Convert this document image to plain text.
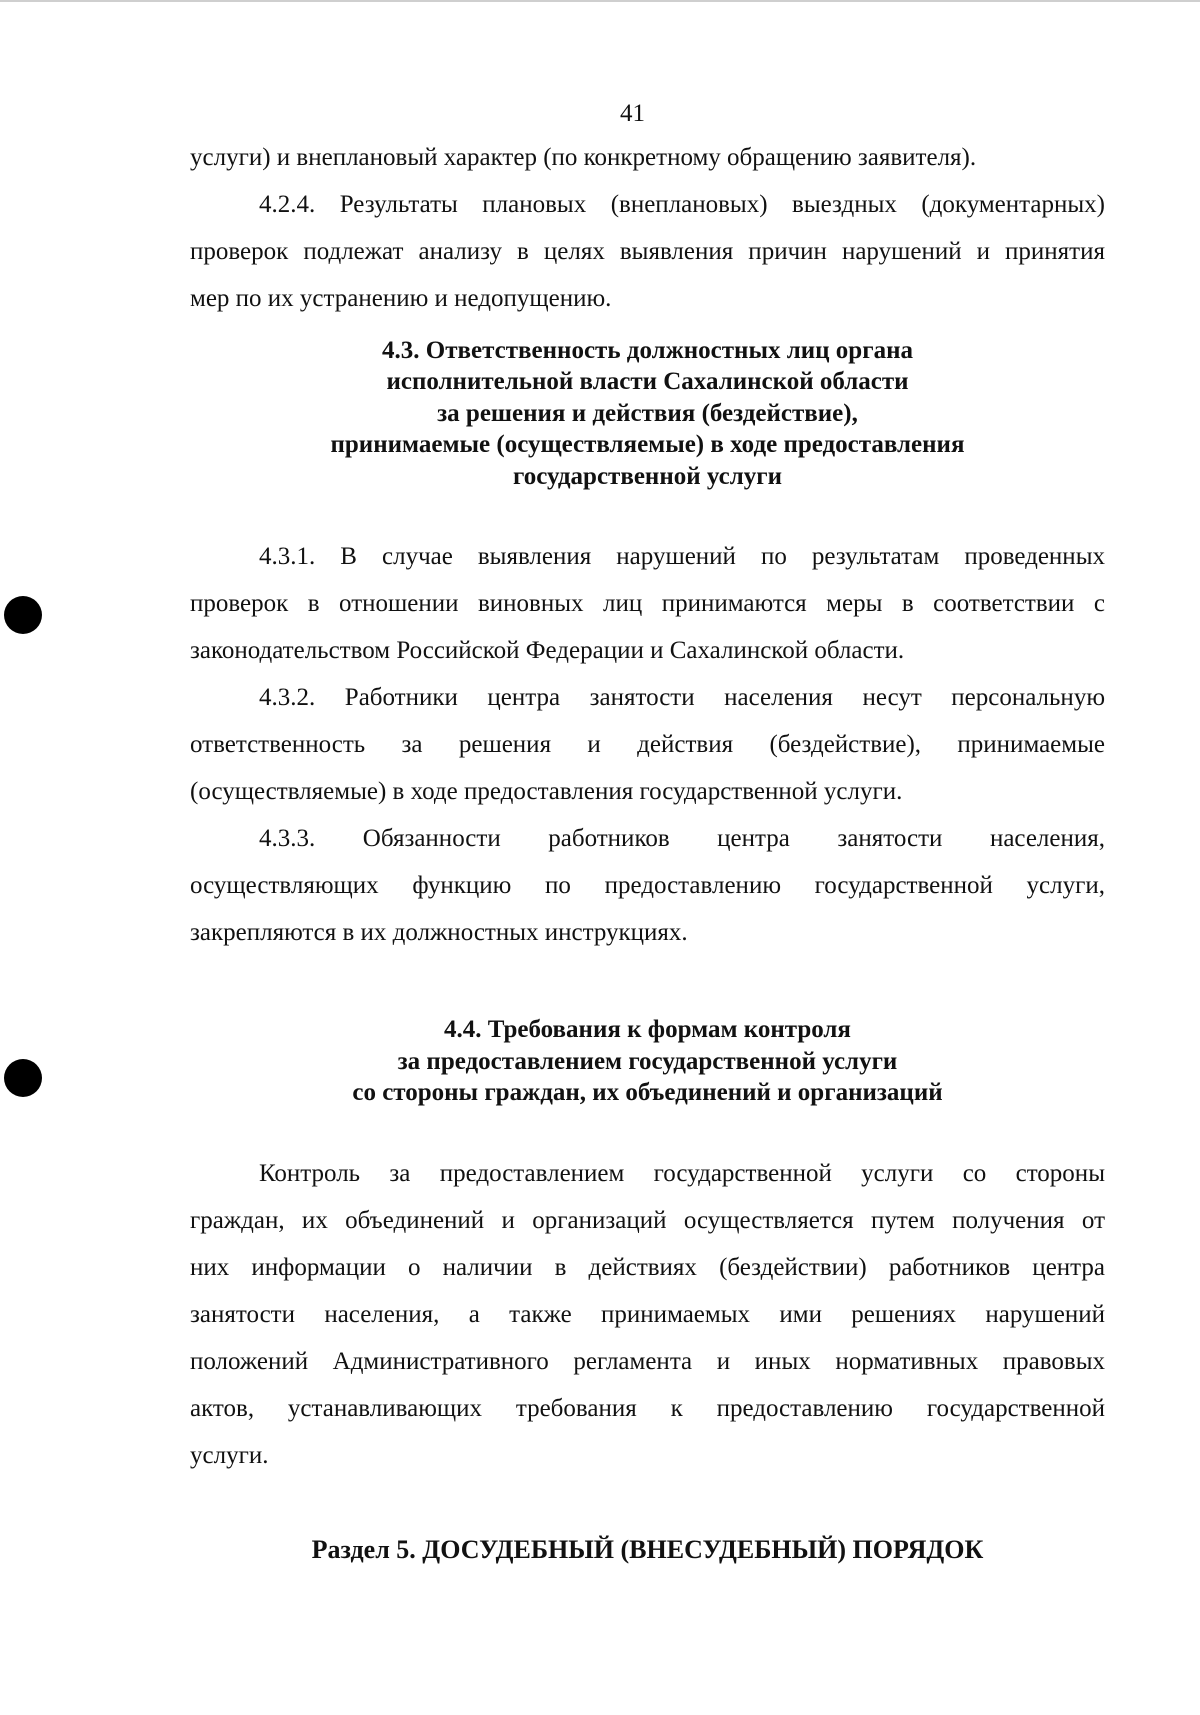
41
услуги) и внеплановый характер (по конкретному обращению заявителя).
4.2.4. Результаты плановых (внеплановых) выездных (документарных)
проверок подлежат анализу в целях выявления причин нарушений и принятия
мер по их устранению и недопущению.
4.3. Ответственность должностных лиц органа
исполнительной власти Сахалинской области
за решения и действия (бездействие),
принимаемые (осуществляемые) в ходе предоставления
государственной услуги
4.3.1. В случае выявления нарушений по результатам проведенных
проверок в отношении виновных лиц принимаются меры в соответствии с
законодательством Российской Федерации и Сахалинской области.
4.3.2. Работники центра занятости населения несут персональную
ответственность за решения и действия (бездействие), принимаемые
(осуществляемые) в ходе предоставления государственной услуги.
4.3.3. Обязанности работников центра занятости населения,
осуществляющих функцию по предоставлению государственной услуги,
закрепляются в их должностных инструкциях.
4.4. Требования к формам контроля
за предоставлением государственной услуги
со стороны граждан, их объединений и организаций
Контроль за предоставлением государственной услуги со стороны
граждан, их объединений и организаций осуществляется путем получения от
них информации о наличии в действиях (бездействии) работников центра
занятости населения, а также принимаемых ими решениях нарушений
положений Административного регламента и иных нормативных правовых
актов, устанавливающих требования к предоставлению государственной
услуги.
Раздел 5. ДОСУДЕБНЫЙ (ВНЕСУДЕБНЫЙ) ПОРЯДОК
